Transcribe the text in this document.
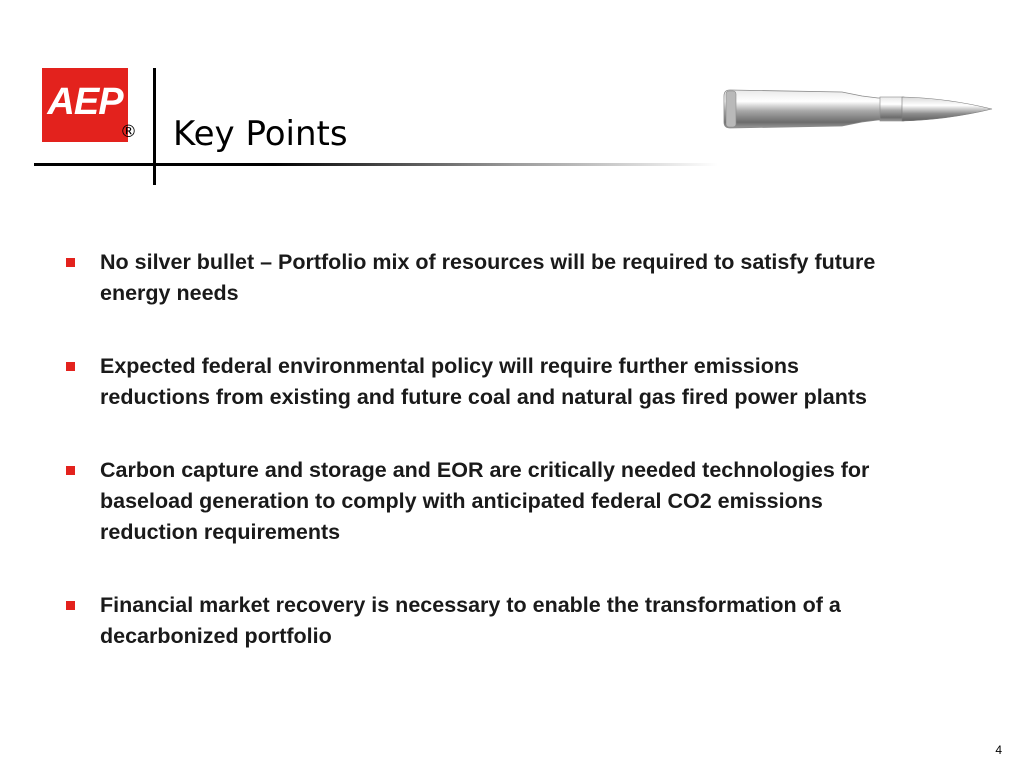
AEP
® Key Points
No silver bullet – Portfolio mix of resources will be required to satisfy future energy needs
Expected federal environmental policy will require further emissions reductions from existing and future coal and natural gas fired power plants
Carbon capture and storage and EOR are critically needed technologies for baseload generation to comply with anticipated federal CO2 emissions reduction requirements
Financial market recovery is necessary to enable the transformation of a decarbonized portfolio
4
